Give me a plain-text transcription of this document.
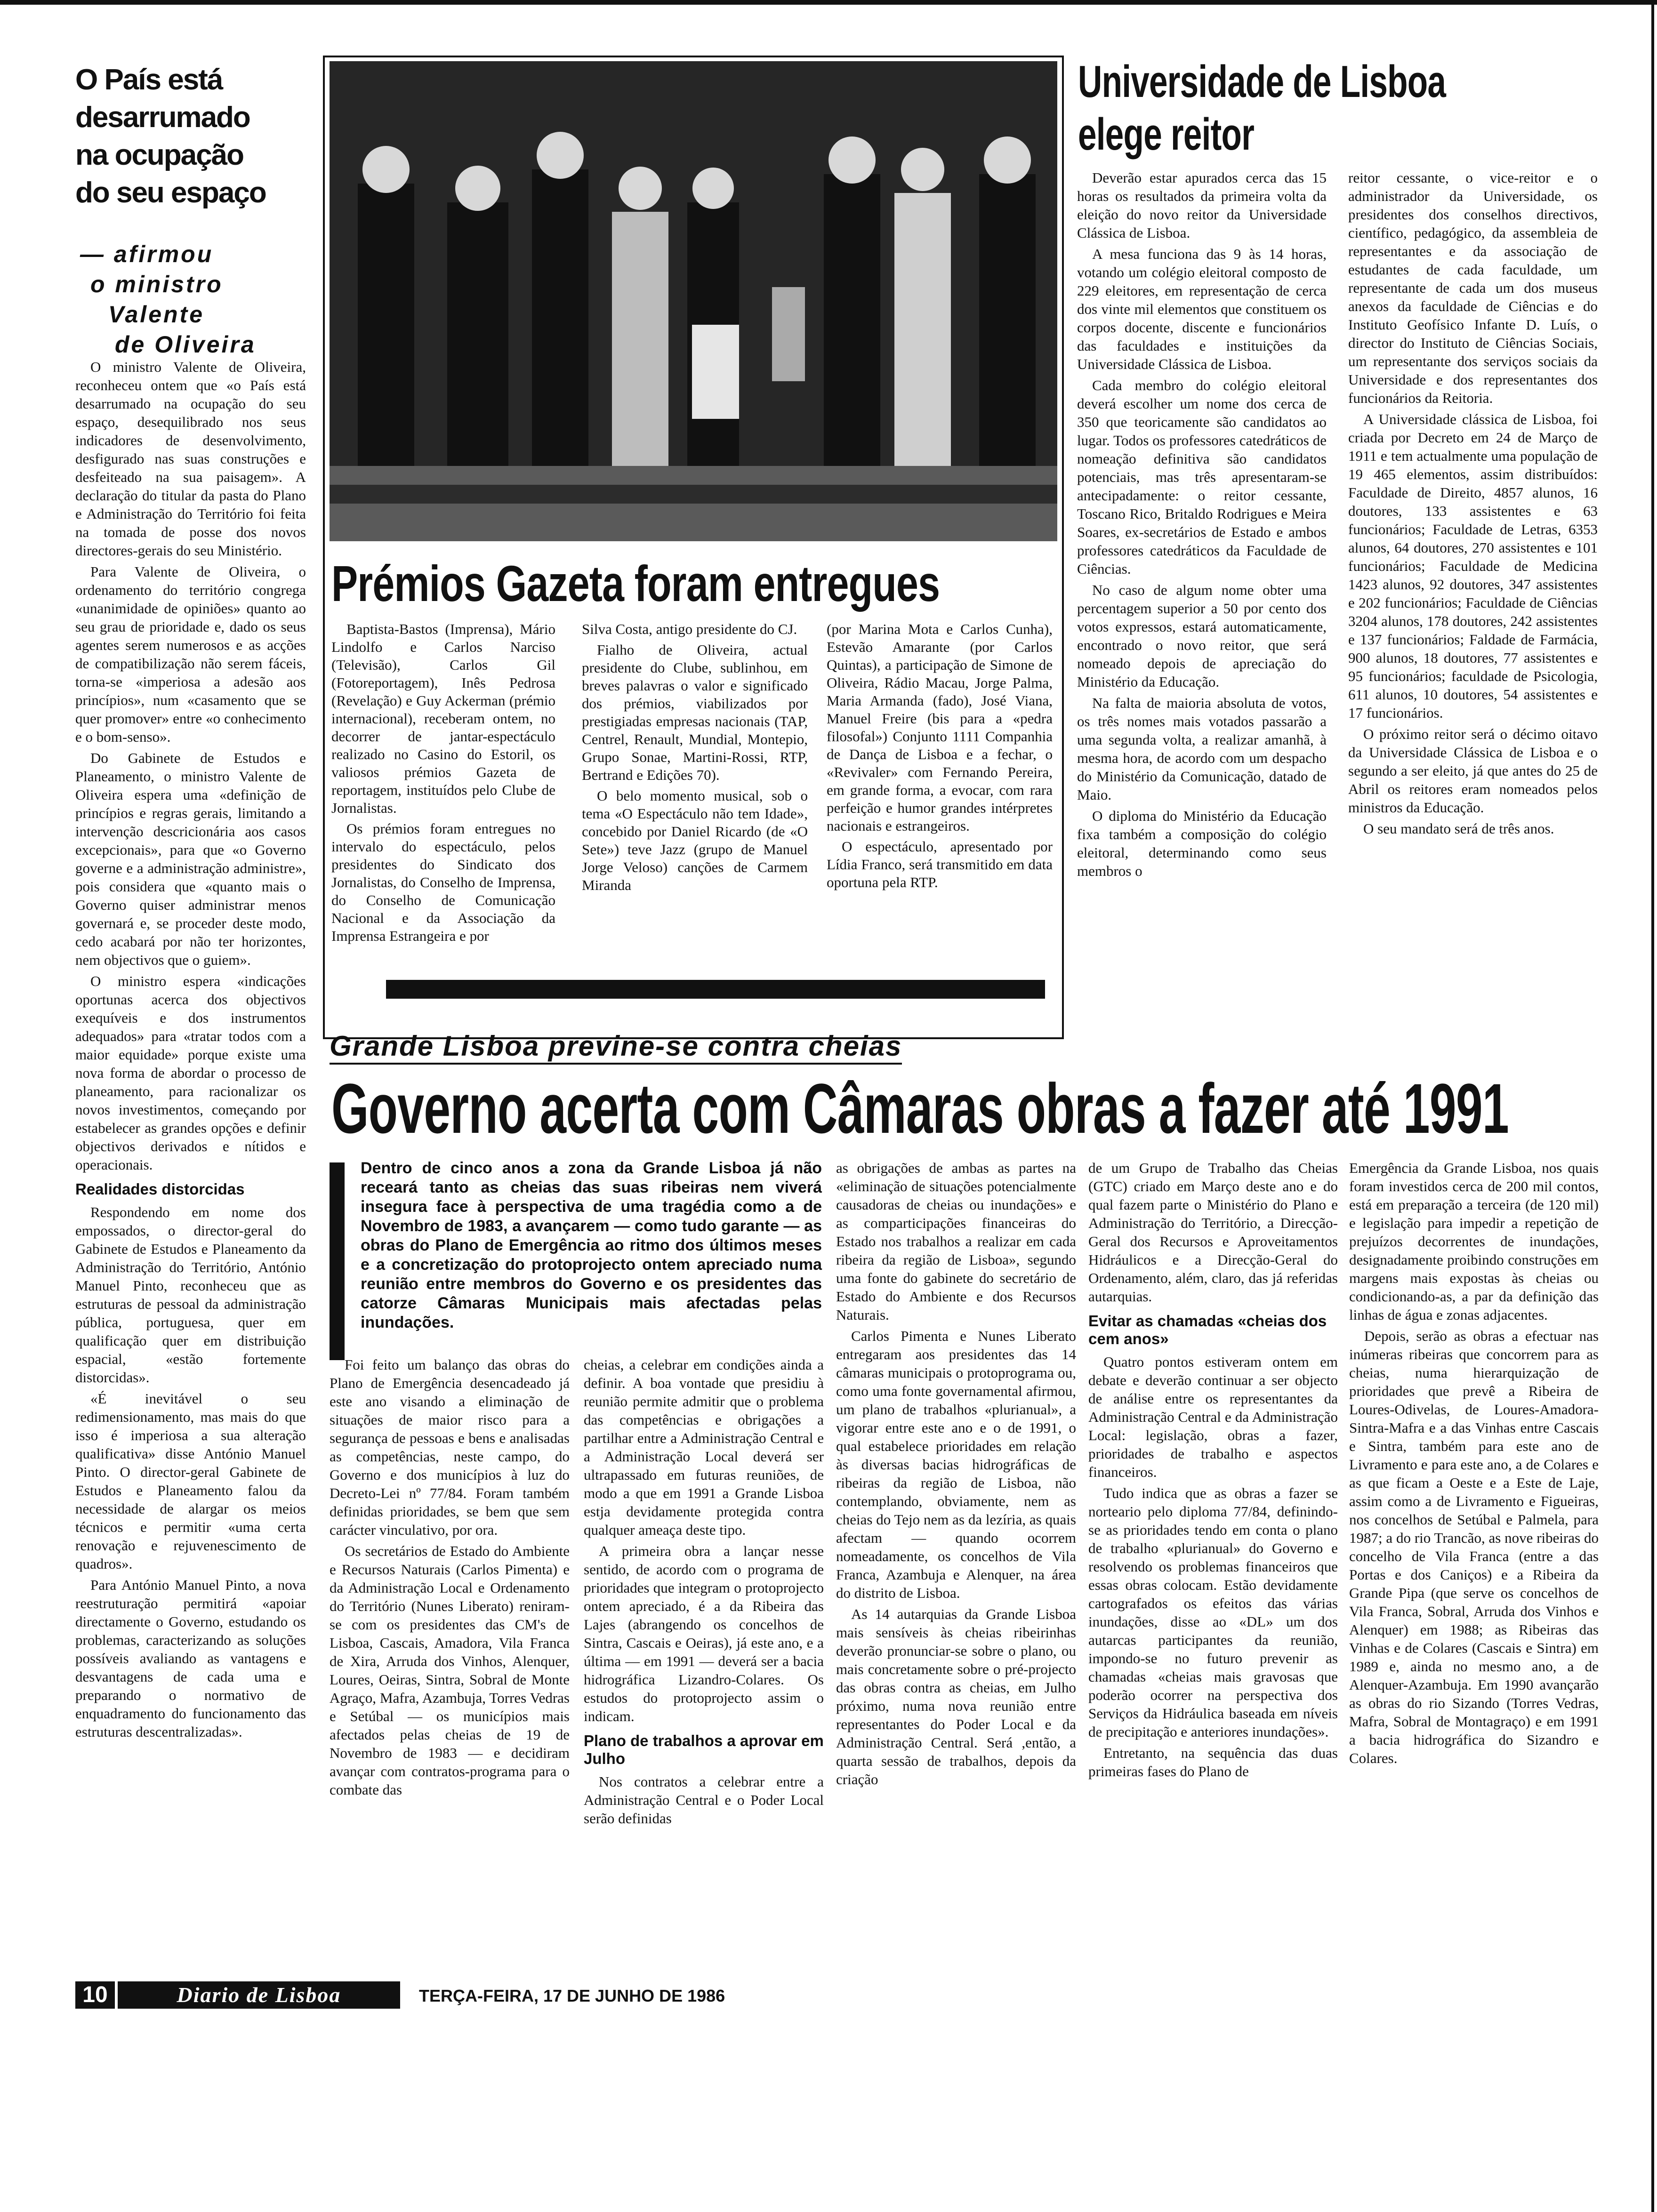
O País está
desarrumado
na ocupação
do seu espaço
— afirmou
o ministro
Valente
de Oliveira

O ministro Valente de Oliveira, reconheceu ontem que «o País está desarrumado na ocupação do seu espaço, desequilibrado nos seus indicadores de desenvolvimento, desfigurado nas suas construções e desfeiteado na sua paisagem». A declaração do titular da pasta do Plano e Administração do Território foi feita na tomada de posse dos novos directores-gerais do seu Ministério.

Para Valente de Oliveira, o ordenamento do território congrega «unanimidade de opiniões» quanto ao seu grau de prioridade e, dado os seus agentes serem numerosos e as acções de compatibilização não serem fáceis, torna-se «imperiosa a adesão aos princípios», num «casamento que se quer promover» entre «o conhecimento e o bom-senso».

Do Gabinete de Estudos e Planeamento, o ministro Valente de Oliveira espera uma «definição de princípios e regras gerais, limitando a intervenção descricionária aos casos excepcionais», para que «o Governo governe e a administração administre», pois considera que «quanto mais o Governo quiser administrar menos governará e, se proceder deste modo, cedo acabará por não ter horizontes, nem objectivos que o guiem».

O ministro espera «indicações oportunas acerca dos objectivos exequíveis e dos instrumentos adequados» para «tratar todos com a maior equidade» porque existe uma nova forma de abordar o processo de planeamento, para racionalizar os novos investimentos, começando por estabelecer as grandes opções e definir objectivos derivados e nítidos e operacionais.

Realidades distorcidas

Respondendo em nome dos empossados, o director-geral do Gabinete de Estudos e Planeamento da Administração do Território, António Manuel Pinto, reconheceu que as estruturas de pessoal da administração pública, portuguesa, quer em qualificação quer em distribuição espacial, «estão fortemente distorcidas».

«É inevitável o seu redimensionamento, mas mais do que isso é imperiosa a sua alteração qualificativa» disse António Manuel Pinto. O director-geral Gabinete de Estudos e Planeamento falou da necessidade de alargar os meios técnicos e permitir «uma certa renovação e rejuvenescimento de quadros».

Para António Manuel Pinto, a nova reestruturação permitirá «apoiar directamente o Governo, estudando os problemas, caracterizando as soluções possíveis avaliando as vantagens e desvantagens de cada uma e preparando o normativo de enquadramento do funcionamento das estruturas descentralizadas».

Prémios Gazeta foram entregues

Baptista-Bastos (Imprensa), Mário Lindolfo e Carlos Narciso (Televisão), Carlos Gil (Fotoreportagem), Inês Pedrosa (Revelação) e Guy Ackerman (prémio internacional), receberam ontem, no decorrer de jantar-espectáculo realizado no Casino do Estoril, os valiosos prémios Gazeta de reportagem, instituídos pelo Clube de Jornalistas.

Os prémios foram entregues no intervalo do espectáculo, pelos presidentes do Sindicato dos Jornalistas, do Conselho de Imprensa, do Conselho de Comunicação Nacional e da Associação da Imprensa Estrangeira e por

Silva Costa, antigo presidente do CJ.

Fialho de Oliveira, actual presidente do Clube, sublinhou, em breves palavras o valor e significado dos prémios, viabilizados por prestigiadas empresas nacionais (TAP, Centrel, Renault, Mundial, Montepio, Grupo Sonae, Martini-Rossi, RTP, Bertrand e Edições 70).

O belo momento musical, sob o tema «O Espectáculo não tem Idade», concebido por Daniel Ricardo (de «O Sete») teve Jazz (grupo de Manuel Jorge Veloso) canções de Carmem Miranda

(por Marina Mota e Carlos Cunha), Estevão Amarante (por Carlos Quintas), a participação de Simone de Oliveira, Rádio Macau, Jorge Palma, Maria Armanda (fado), José Viana, Manuel Freire (bis para a «pedra filosofal») Conjunto 1111 Companhia de Dança de Lisboa e a fechar, o «Revivaler» com Fernando Pereira, em grande forma, a evocar, com rara perfeição e humor grandes intérpretes nacionais e estrangeiros.

O espectáculo, apresentado por Lídia Franco, será transmitido em data oportuna pela RTP.

Universidade de Lisboa
elege reitor

Deverão estar apurados cerca das 15 horas os resultados da primeira volta da eleição do novo reitor da Universidade Clássica de Lisboa.

A mesa funciona das 9 às 14 horas, votando um colégio eleitoral composto de 229 eleitores, em representação de cerca dos vinte mil elementos que constituem os corpos docente, discente e funcionários das faculdades e instituições da Universidade Clássica de Lisboa.

Cada membro do colégio eleitoral deverá escolher um nome dos cerca de 350 que teoricamente são candidatos ao lugar. Todos os professores catedráticos de nomeação definitiva são candidatos potenciais, mas três apresentaram-se antecipadamente: o reitor cessante, Toscano Rico, Britaldo Rodrigues e Meira Soares, ex-secretários de Estado e ambos professores catedráticos da Faculdade de Ciências.

No caso de algum nome obter uma percentagem superior a 50 por cento dos votos expressos, estará automaticamente, encontrado o novo reitor, que será nomeado depois de apreciação do Ministério da Educação.

Na falta de maioria absoluta de votos, os três nomes mais votados passarão a uma segunda volta, a realizar amanhã, à mesma hora, de acordo com um despacho do Ministério da Comunicação, datado de Maio.

O diploma do Ministério da Educação fixa também a composição do colégio eleitoral, determinando como seus membros o

reitor cessante, o vice-reitor e o administrador da Universidade, os presidentes dos conselhos directivos, científico, pedagógico, da assembleia de representantes e da associação de estudantes de cada faculdade, um representante de cada um dos museus anexos da faculdade de Ciências e do Instituto Geofísico Infante D. Luís, o director do Instituto de Ciências Sociais, um representante dos serviços sociais da Universidade e dos representantes dos funcionários da Reitoria.

A Universidade clássica de Lisboa, foi criada por Decreto em 24 de Março de 1911 e tem actualmente uma população de 19 465 elementos, assim distribuídos: Faculdade de Direito, 4857 alunos, 16 doutores, 133 assistentes e 63 funcionários; Faculdade de Letras, 6353 alunos, 64 doutores, 270 assistentes e 101 funcionários; Faculdade de Medicina 1423 alunos, 92 doutores, 347 assistentes e 202 funcionários; Faculdade de Ciências 3204 alunos, 178 doutores, 242 assistentes e 137 funcionários; Faldade de Farmácia, 900 alunos, 18 doutores, 77 assistentes e 95 funcionários; faculdade de Psicologia, 611 alunos, 10 doutores, 54 assistentes e 17 funcionários.

O próximo reitor será o décimo oitavo da Universidade Clássica de Lisboa e o segundo a ser eleito, já que antes do 25 de Abril os reitores eram nomeados pelos ministros da Educação.

O seu mandato será de três anos.

Grande Lisboa previne-se contra cheias
Governo acerta com Câmaras obras a fazer até 1991
Dentro de cinco anos a zona da Grande Lisboa já não receará tanto as cheias das suas ribeiras nem viverá insegura face à perspectiva de uma tragédia como a de Novembro de 1983, a avançarem — como tudo garante — as obras do Plano de Emergência ao ritmo dos últimos meses e a concretização do protoprojecto ontem apreciado numa reunião entre membros do Governo e os presidentes das catorze Câmaras Municipais mais afectadas pelas inundações.

Foi feito um balanço das obras do Plano de Emergência desencadeado já este ano visando a eliminação de situações de maior risco para a segurança de pessoas e bens e analisadas as competências, neste campo, do Governo e dos municípios à luz do Decreto-Lei nº 77/84. Foram também definidas prioridades, se bem que sem carácter vinculativo, por ora.

Os secretários de Estado do Ambiente e Recursos Naturais (Carlos Pimenta) e da Administração Local e Ordenamento do Território (Nunes Liberato) reniram-se com os presidentes das CM's de Lisboa, Cascais, Amadora, Vila Franca de Xira, Arruda dos Vinhos, Alenquer, Loures, Oeiras, Sintra, Sobral de Monte Agraço, Mafra, Azambuja, Torres Vedras e Setúbal — os municípios mais afectados pelas cheias de 19 de Novembro de 1983 — e decidiram avançar com contratos-programa para o combate das

cheias, a celebrar em condições ainda a definir. A boa vontade que presidiu à reunião permite admitir que o problema das competências e obrigações a partilhar entre a Administração Central e a Administração Local deverá ser ultrapassado em futuras reuniões, de modo a que em 1991 a Grande Lisboa estja devidamente protegida contra qualquer ameaça deste tipo.

A primeira obra a lançar nesse sentido, de acordo com o programa de prioridades que integram o protoprojecto ontem apreciado, é a da Ribeira das Lajes (abrangendo os concelhos de Sintra, Cascais e Oeiras), já este ano, e a última — em 1991 — deverá ser a bacia hidrográfica Lizandro-Colares. Os estudos do protoprojecto assim o indicam.

Plano de trabalhos a aprovar em Julho

Nos contratos a celebrar entre a Administração Central e o Poder Local serão definidas

as obrigações de ambas as partes na «eliminação de situações potencialmente causadoras de cheias ou inundações» e as comparticipações financeiras do Estado nos trabalhos a realizar em cada ribeira da região de Lisboa», segundo uma fonte do gabinete do secretário de Estado do Ambiente e dos Recursos Naturais.

Carlos Pimenta e Nunes Liberato entregaram aos presidentes das 14 câmaras municipais o protoprograma ou, como uma fonte governamental afirmou, um plano de trabalhos «plurianual», a vigorar entre este ano e o de 1991, o qual estabelece prioridades em relação às diversas bacias hidrográficas de ribeiras da região de Lisboa, não contemplando, obviamente, nem as cheias do Tejo nem as da lezíria, as quais afectam — quando ocorrem nomeadamente, os concelhos de Vila Franca, Azambuja e Alenquer, na área do distrito de Lisboa.

As 14 autarquias da Grande Lisboa mais sensíveis às cheias ribeirinhas deverão pronunciar-se sobre o plano, ou mais concretamente sobre o pré-projecto das obras contra as cheias, em Julho próximo, numa nova reunião entre representantes do Poder Local e da Administração Central. Será ,então, a quarta sessão de trabalhos, depois da criação

de um Grupo de Trabalho das Cheias (GTC) criado em Março deste ano e do qual fazem parte o Ministério do Plano e Administração do Território, a Direcção-Geral dos Recursos e Aproveitamentos Hidráulicos e a Direcção-Geral do Ordenamento, além, claro, das já referidas autarquias.

Evitar as chamadas «cheias dos cem anos»

Quatro pontos estiveram ontem em debate e deverão continuar a ser objecto de análise entre os representantes da Administração Central e da Administração Local: legislação, obras a fazer, prioridades de trabalho e aspectos financeiros.

Tudo indica que as obras a fazer se norteario pelo diploma 77/84, definindo-se as prioridades tendo em conta o plano de trabalho «plurianual» do Governo e resolvendo os problemas financeiros que essas obras colocam. Estão devidamente cartografados os efeitos das várias inundações, disse ao «DL» um dos autarcas participantes da reunião, impondo-se no futuro prevenir as chamadas «cheias mais gravosas que poderão ocorrer na perspectiva dos Serviços da Hidráulica baseada em níveis de precipitação e anteriores inundações».

Entretanto, na sequência das duas primeiras fases do Plano de

Emergência da Grande Lisboa, nos quais foram investidos cerca de 200 mil contos, está em preparação a terceira (de 120 mil) e legislação para impedir a repetição de prejuízos decorrentes de inundações, designadamente proibindo construções em margens mais expostas às cheias ou condicionando-as, a par da definição das linhas de água e zonas adjacentes.

Depois, serão as obras a efectuar nas inúmeras ribeiras que concorrem para as cheias, numa hierarquização de prioridades que prevê a Ribeira de Loures-Odivelas, de Loures-Amadora-Sintra-Mafra e a das Vinhas entre Cascais e Sintra, também para este ano de Livramento e para este ano, a de Colares e as que ficam a Oeste e a Este de Laje, assim como a de Livramento e Figueiras, nos concelhos de Setúbal e Palmela, para 1987; a do rio Trancão, as nove ribeiras do concelho de Vila Franca (entre a das Portas e dos Caniços) e a Ribeira da Grande Pipa (que serve os concelhos de Vila Franca, Sobral, Arruda dos Vinhos e Alenquer) em 1988; as Ribeiras das Vinhas e de Colares (Cascais e Sintra) em 1989 e, ainda no mesmo ano, a de Alenquer-Azambuja. Em 1990 avançarão as obras do rio Sizando (Torres Vedras, Mafra, Sobral de Montagraço) e em 1991 a bacia hidrográfica do Sizandro e Colares.

10	Diario de Lisboa	TERÇA-FEIRA, 17 DE JUNHO DE 1986
